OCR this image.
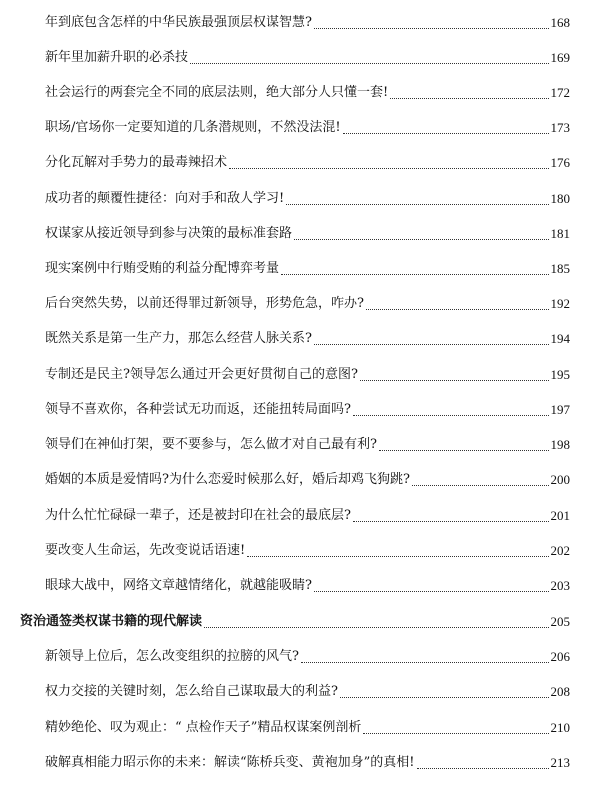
年到底包含怎样的中华民族最强顶层权谋智慧?	168
新年里加薪升职的必杀技	169
社会运行的两套完全不同的底层法则，绝大部分人只懂一套!	172
职场/官场你一定要知道的几条潜规则，不然没法混!	173
分化瓦解对手势力的最毒辣招术	176
成功者的颠覆性捷径：向对手和敌人学习!	180
权谋家从接近领导到参与决策的最标准套路	181
现实案例中行贿受贿的利益分配博弈考量	185
后台突然失势，以前还得罪过新领导，形势危急，咋办?	192
既然关系是第一生产力，那怎么经营人脉关系?	194
专制还是民主?领导怎么通过开会更好贯彻自己的意图?	195
领导不喜欢你，各种尝试无功而返，还能扭转局面吗?	197
领导们在神仙打架，要不要参与，怎么做才对自己最有利?	198
婚姻的本质是爱情吗?为什么恋爱时候那么好，婚后却鸡飞狗跳?	200
为什么忙忙碌碌一辈子，还是被封印在社会的最底层?	201
要改变人生命运，先改变说话语速!	202
眼球大战中，网络文章越情绪化，就越能吸睛?	203
资治通签类权谋书籍的现代解读	205
新领导上位后，怎么改变组织的拉膀的风气?	206
权力交接的关键时刻，怎么给自己谋取最大的利益?	208
精妙绝伦、叹为观止：“ 点检作天子”精品权谋案例剖析	210
破解真相能力昭示你的未来：解读“陈桥兵变、黄袍加身”的真相!	213
